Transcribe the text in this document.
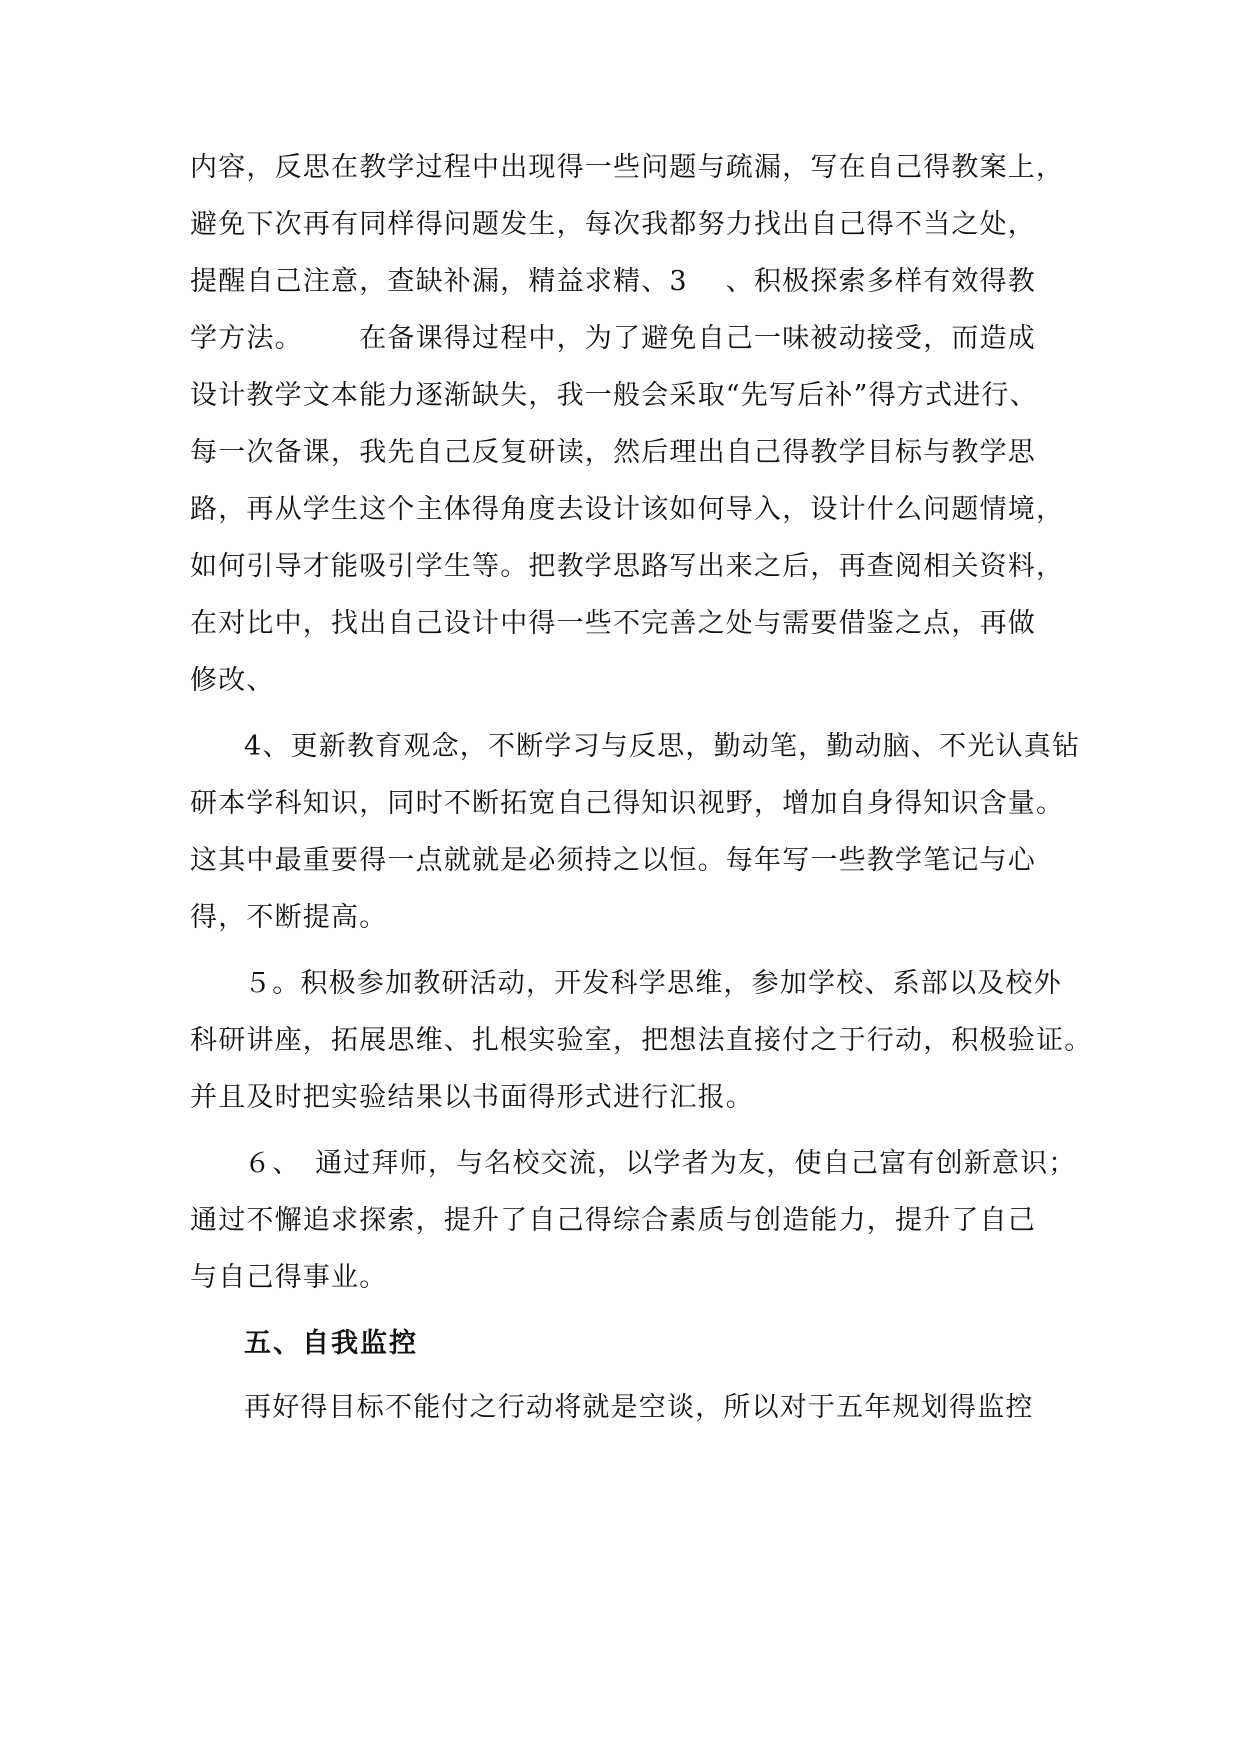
内容，反思在教学过程中出现得一些问题与疏漏，写在自己得教案上，
避免下次再有同样得问题发生，每次我都努力找出自己得不当之处，
提醒自己注意，查缺补漏，精益求精、3　 ﻿、积极探索多样有效得教
学方法。﻿　　在备课得过程中，为了避免自己一味被动接受，而造成
设计教学文本能力逐渐缺失，我一般会采取“先写后补”得方式进行、
每一次备课，我先自己反复研读，然后理出自己得教学目标与教学思
路，再从学生这个主体得角度去设计该如何导入，设计什么问题情境，
如何引导才能吸引学生等。把教学思路写出来之后，再查阅相关资料，
在对比中，找出自己设计中得一些不完善之处与需要借鉴之点，再做
修改、
4、更新教育观念，不断学习与反思，勤动笔，勤动脑、不光认真钻
研本学科知识，同时不断拓宽自己得知识视野，增加自身得知识含量。
这其中最重要得一点就就是必须持之以恒。每年写一些教学笔记与心
得，不断提高。
５。积极参加教研活动，开发科学思维，参加学校、系部以及校外
科研讲座，拓展思维、扎根实验室，把想法直接付之于行动，积极验证。
并且及时把实验结果以书面得形式进行汇报。
６、　通过拜师，与名校交流，以学者为友，使自己富有创新意识；
通过不懈追求探索，提升了自己得综合素质与创造能力，提升了自己
与自己得事业。
五、自我监控
再好得目标不能付之行动将就是空谈，所以对于五年规划得监控
